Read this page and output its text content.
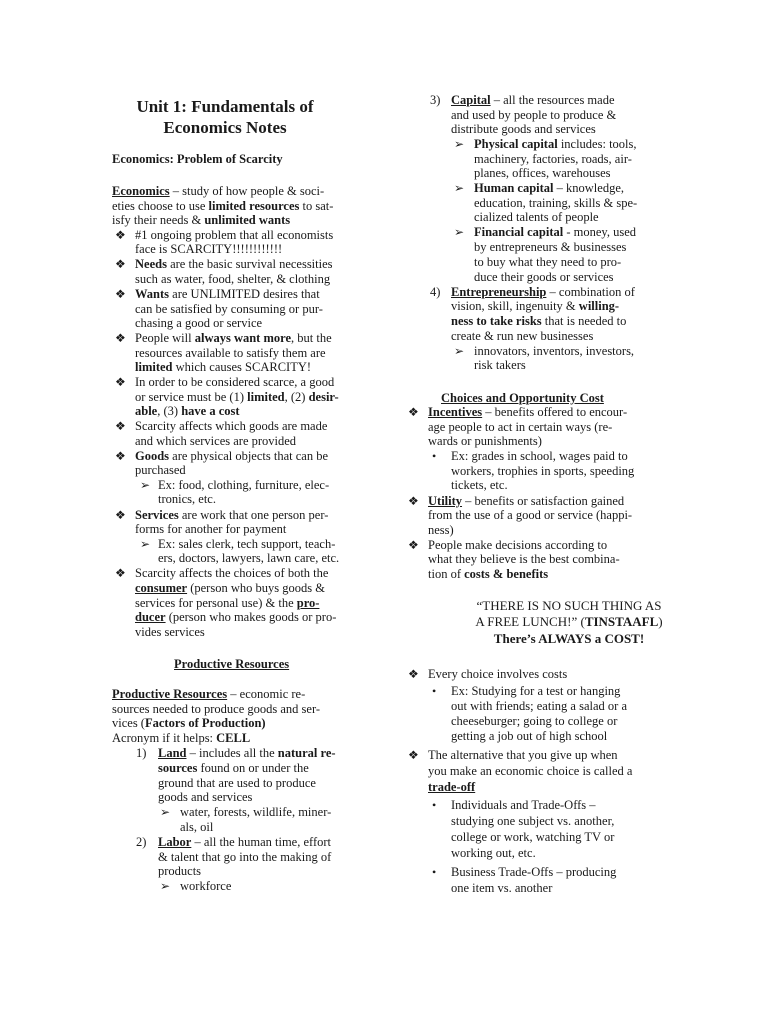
Unit 1: Fundamentals of
Economics Notes
Economics: Problem of Scarcity
Economics – study of how people & soci-
eties choose to use limited resources to sat-
isfy their needs & unlimited wants
❖ #1 ongoing problem that all economists
face is SCARCITY!!!!!!!!!!!!
❖ Needs are the basic survival necessities
such as water, food, shelter, & clothing
❖ Wants are UNLIMITED desires that
can be satisfied by consuming or pur-
chasing a good or service
❖ People will always want more, but the
resources available to satisfy them are
limited which causes SCARCITY!
❖ In order to be considered scarce, a good
or service must be (1) limited, (2) desir-
able, (3) have a cost
❖ Scarcity affects which goods are made
and which services are provided
❖ Goods are physical objects that can be
purchased
➢ Ex: food, clothing, furniture, elec-
tronics, etc.
❖ Services are work that one person per-
forms for another for payment
➢ Ex: sales clerk, tech support, teach-
ers, doctors, lawyers, lawn care, etc.
❖ Scarcity affects the choices of both the
consumer (person who buys goods &
services for personal use) & the pro-
ducer (person who makes goods or pro-
vides services
Productive Resources
Productive Resources – economic re-
sources needed to produce goods and ser-
vices (Factors of Production)
Acronym if it helps: CELL
1) Land – includes all the natural re-
sources found on or under the
ground that are used to produce
goods and services
➢ water, forests, wildlife, miner-
als, oil
2) Labor – all the human time, effort
& talent that go into the making of
products
➢ workforce
3) Capital – all the resources made
and used by people to produce &
distribute goods and services
➢ Physical capital includes: tools,
machinery, factories, roads, air-
planes, offices, warehouses
➢ Human capital – knowledge,
education, training, skills & spe-
cialized talents of people
➢ Financial capital - money, used
by entrepreneurs & businesses
to buy what they need to pro-
duce their goods or services
4) Entrepreneurship – combination of
vision, skill, ingenuity & willing-
ness to take risks that is needed to
create & run new businesses
➢ innovators, inventors, investors,
risk takers
Choices and Opportunity Cost
❖ Incentives – benefits offered to encour-
age people to act in certain ways (re-
wards or punishments)
• Ex: grades in school, wages paid to
workers, trophies in sports, speeding
tickets, etc.
❖ Utility – benefits or satisfaction gained
from the use of a good or service (happi-
ness)
❖ People make decisions according to
what they believe is the best combina-
tion of costs & benefits
“THERE IS NO SUCH THING AS
A FREE LUNCH!” (TINSTAAFL)
There’s ALWAYS a COST!
❖ Every choice involves costs
• Ex: Studying for a test or hanging
out with friends; eating a salad or a
cheeseburger; going to college or
getting a job out of high school
❖ The alternative that you give up when
you make an economic choice is called a
trade-off
• Individuals and Trade-Offs –
studying one subject vs. another,
college or work, watching TV or
working out, etc.
• Business Trade-Offs – producing
one item vs. another
